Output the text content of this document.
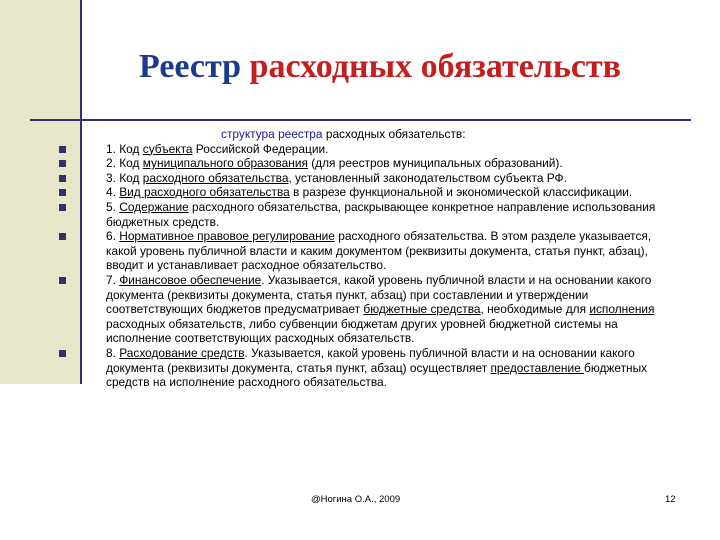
Реестр расходных обязательств
структура реестра расходных обязательств:
1. Код субъекта Российской Федерации.
2. Код муниципального образования (для реестров муниципальных образований).
3. Код расходного обязательства, установленный законодательством субъекта РФ.
4. Вид расходного обязательства в разрезе функциональной и экономической классификации.
5. Содержание расходного обязательства, раскрывающее конкретное направление использования бюджетных средств.
6. Нормативное правовое регулирование расходного обязательства. В этом разделе указывается, какой уровень публичной власти и каким документом (реквизиты документа, статья пункт, абзац), вводит и устанавливает расходное обязательство.
7. Финансовое обеспечение. Указывается, какой уровень публичной власти и на основании какого документа (реквизиты документа, статья пункт, абзац) при составлении и утверждении соответствующих бюджетов предусматривает бюджетные средства, необходимые для исполнения расходных обязательств, либо субвенции бюджетам других уровней бюджетной системы на исполнение соответствующих расходных обязательств.
8. Расходование средств. Указывается, какой уровень публичной власти и на основании какого документа (реквизиты документа, статья пункт, абзац) осуществляет предоставление бюджетных средств на исполнение расходного обязательства.
@Ногина О.А., 2009	12
